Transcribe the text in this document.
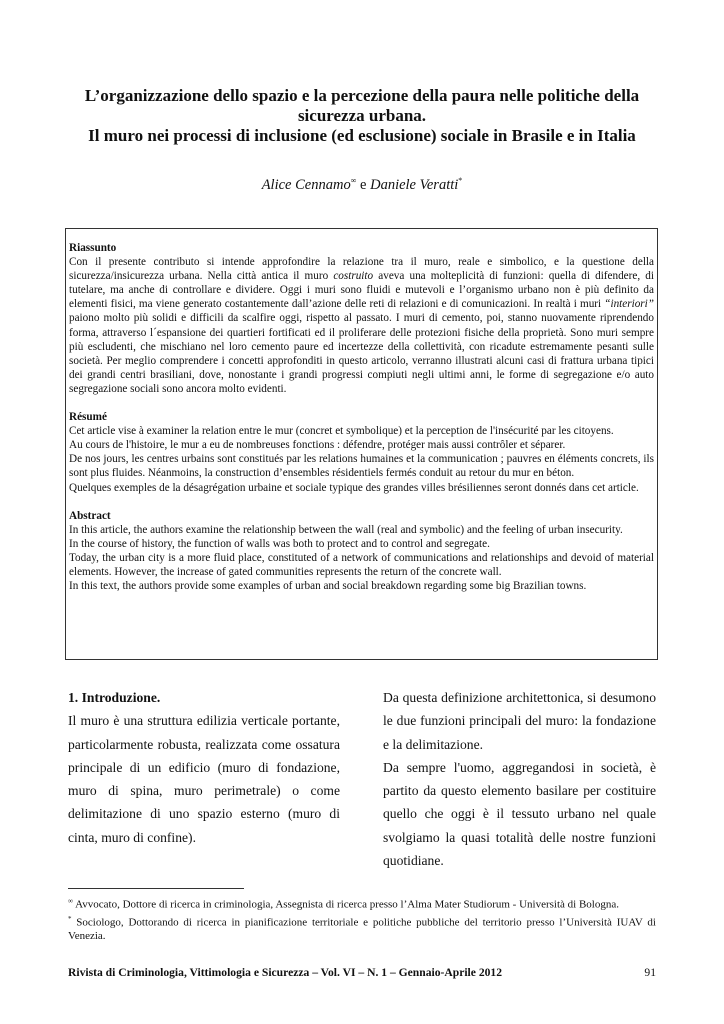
L’organizzazione dello spazio e la percezione della paura nelle politiche della
sicurezza urbana.
Il muro nei processi di inclusione (ed esclusione) sociale in Brasile e in Italia
Alice Cennamo∞ e Daniele Veratti*
Riassunto

Con il presente contributo si intende approfondire la relazione tra il muro, reale e simbolico, e la questione della sicurezza/insicurezza urbana. Nella città antica il muro costruito aveva una molteplicità di funzioni: quella di difendere, di tutelare, ma anche di controllare e dividere. Oggi i muri sono fluidi e mutevoli e l’organismo urbano non è più definito da elementi fisici, ma viene generato costantemente dall’azione delle reti di relazioni e di comunicazioni. In realtà i muri “interiori” paiono molto più solidi e difficili da scalfire oggi, rispetto al passato. I muri di cemento, poi, stanno nuovamente riprendendo forma, attraverso l´espansione dei quartieri fortificati ed il proliferare delle protezioni fisiche della proprietà. Sono muri sempre più escludenti, che mischiano nel loro cemento paure ed incertezze della collettività, con ricadute estremamente pesanti sulle società. Per meglio comprendere i concetti approfonditi in questo articolo, verranno illustrati alcuni casi di frattura urbana tipici dei grandi centri brasiliani, dove, nonostante i grandi progressi compiuti negli ultimi anni, le forme di segregazione e/o auto segregazione sociali sono ancora molto evidenti.

Résumé

Cet article vise à examiner la relation entre le mur (concret et symbolique) et la perception de l'insécurité par les citoyens.

Au cours de l'histoire, le mur a eu de nombreuses fonctions : défendre, protéger mais aussi contrôler et séparer.

De nos jours, les centres urbains sont constitués par les relations humaines et la communication ; pauvres en éléments concrets, ils sont plus fluides. Néanmoins, la construction d’ensembles résidentiels fermés conduit au retour du mur en béton.

Quelques exemples de la désagrégation urbaine et sociale typique des grandes villes brésiliennes seront donnés dans cet article.

Abstract

In this article, the authors examine the relationship between the wall (real and symbolic) and the feeling of urban insecurity.

In the course of history, the function of walls was both to protect and to control and segregate.

Today, the urban city is a more fluid place, constituted of a network of communications and relationships and devoid of material elements. However, the increase of gated communities represents the return of the concrete wall.

In this text, the authors provide some examples of urban and social breakdown regarding some big Brazilian towns.

1. Introduzione.

Il muro è una struttura edilizia verticale portante, particolarmente robusta, realizzata come ossatura principale di un edificio (muro di fondazione, muro di spina, muro perimetrale) o come delimitazione di uno spazio esterno (muro di cinta, muro di confine).

Da questa definizione architettonica, si desumono le due funzioni principali del muro: la fondazione e la delimitazione.

Da sempre l'uomo, aggregandosi in società, è partito da questo elemento basilare per costituire quello che oggi è il tessuto urbano nel quale svolgiamo la quasi totalità delle nostre funzioni quotidiane.

∞ Avvocato, Dottore di ricerca in criminologia, Assegnista di ricerca presso l’Alma Mater Studiorum - Università di Bologna.

* Sociologo, Dottorando di ricerca in pianificazione territoriale e politiche pubbliche del territorio presso l’Università IUAV di Venezia.

Rivista di Criminologia, Vittimologia e Sicurezza – Vol. VI – N. 1 – Gennaio-Aprile 2012	91
